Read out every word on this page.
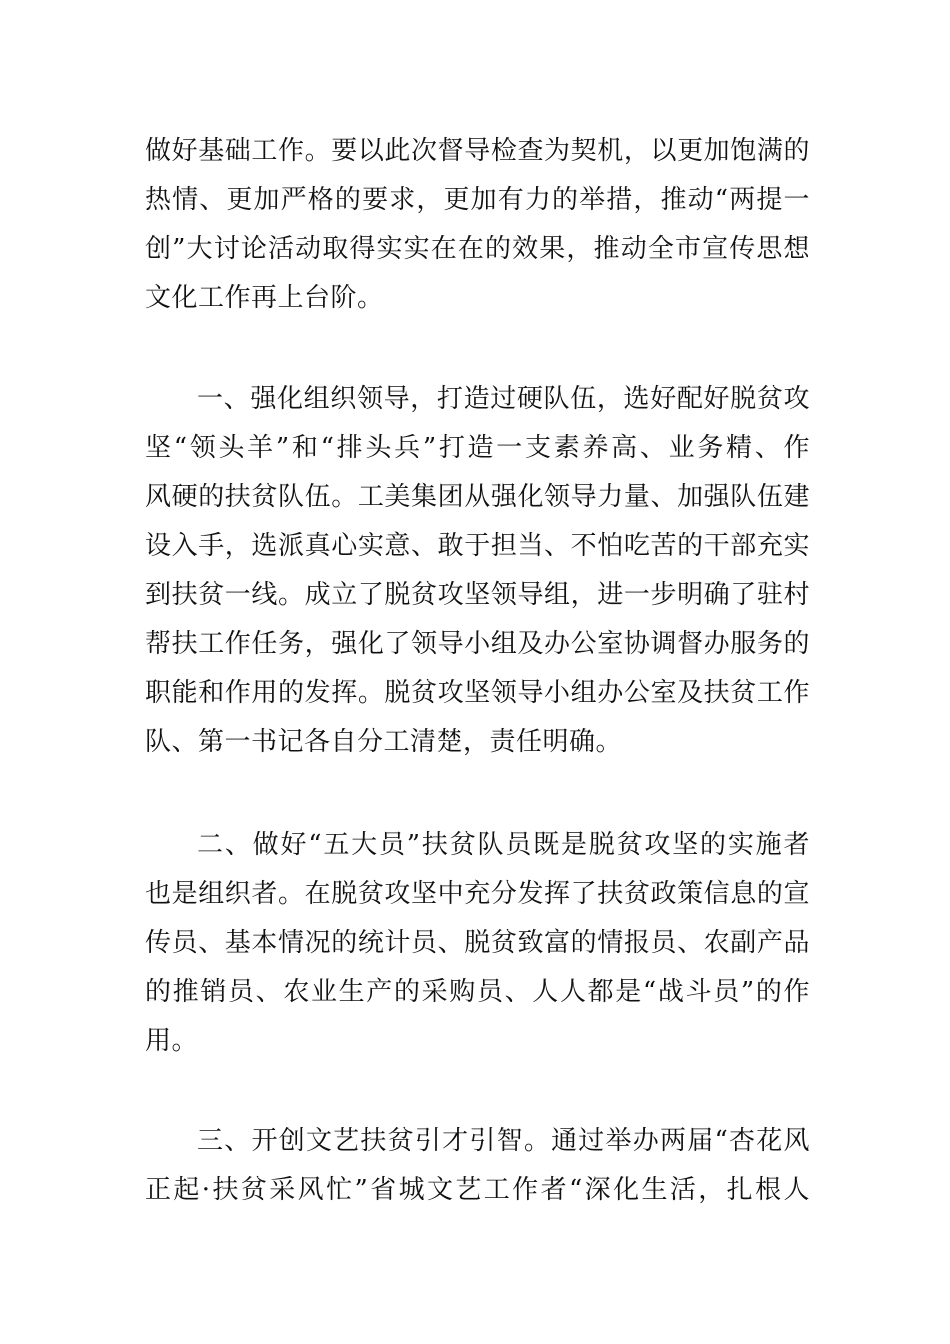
做好基础工作。要以此次督导检查为契机，以更加饱满的
热情、更加严格的要求，更加有力的举措，推动“两提一
创”大讨论活动取得实实在在的效果，推动全市宣传思想
文化工作再上台阶。
一、强化组织领导，打造过硬队伍，选好配好脱贫攻
坚“领头羊”和“排头兵”打造一支素养高、业务精、作
风硬的扶贫队伍。工美集团从强化领导力量、加强队伍建
设入手，选派真心实意、敢于担当、不怕吃苦的干部充实
到扶贫一线。成立了脱贫攻坚领导组，进一步明确了驻村
帮扶工作任务，强化了领导小组及办公室协调督办服务的
职能和作用的发挥。脱贫攻坚领导小组办公室及扶贫工作
队、第一书记各自分工清楚，责任明确。
二、做好“五大员”扶贫队员既是脱贫攻坚的实施者
也是组织者。在脱贫攻坚中充分发挥了扶贫政策信息的宣
传员、基本情况的统计员、脱贫致富的情报员、农副产品
的推销员、农业生产的采购员、人人都是“战斗员”的作
用。
三、开创文艺扶贫引才引智。通过举办两届“杏花风
正起·扶贫采风忙”省城文艺工作者“深化生活，扎根人
